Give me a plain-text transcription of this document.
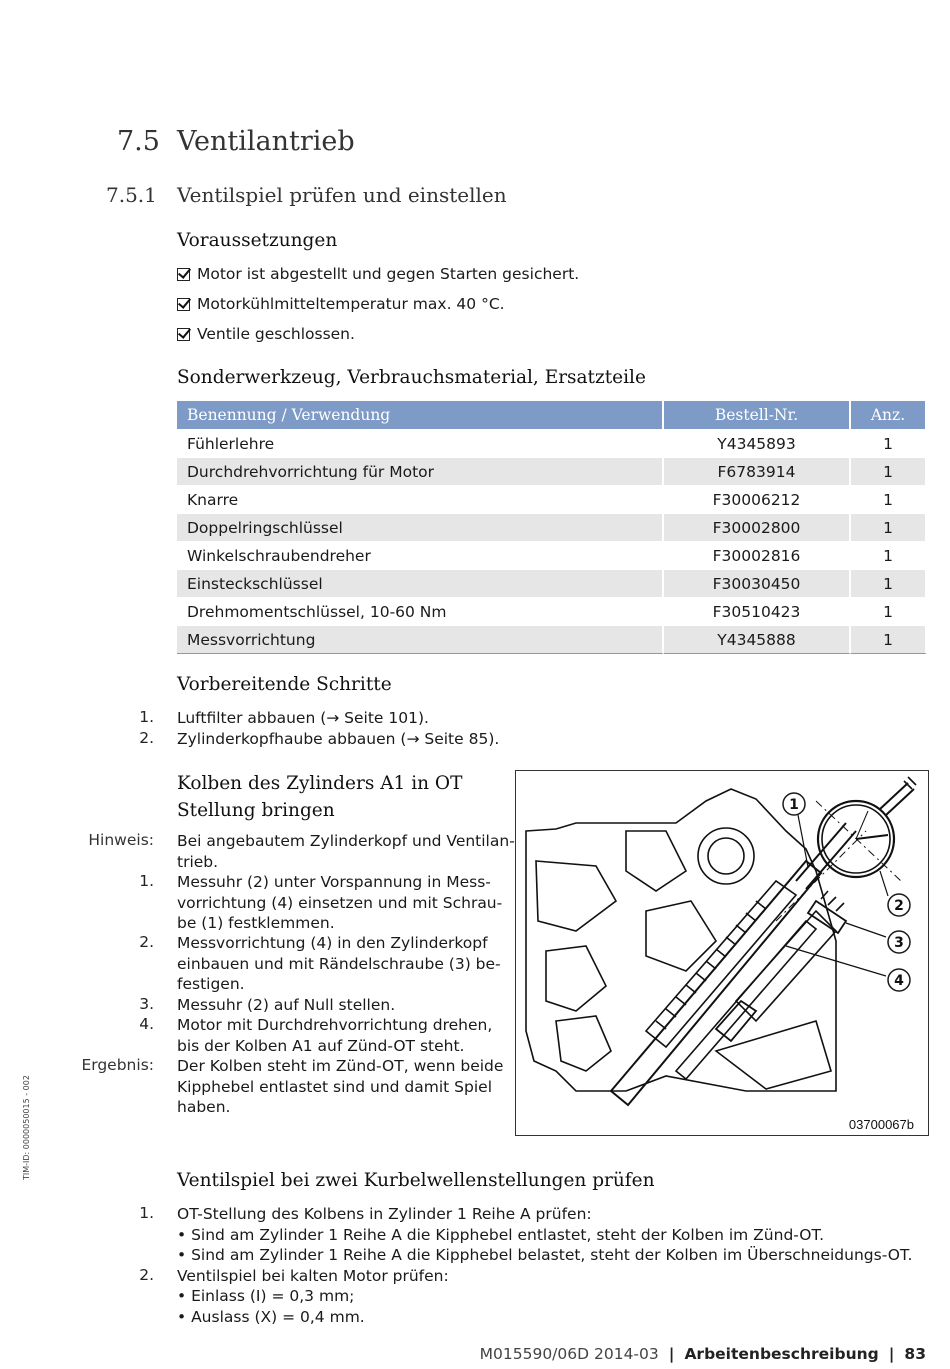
7.5 Ventilantrieb
7.5.1 Ventilspiel prüfen und einstellen
Voraussetzungen
Motor ist abgestellt und gegen Starten gesichert.
Motorkühlmitteltemperatur max. 40 °C.
Ventile geschlossen.
Sonderwerkzeug, Verbrauchsmaterial, Ersatzteile
Benennung / Verwendung	Bestell-Nr.	Anz.
Fühlerlehre	Y4345893	1
Durchdrehvorrichtung für Motor	F6783914	1
Knarre	F30006212	1
Doppelringschlüssel	F30002800	1
Winkelschraubendreher	F30002816	1
Einsteckschlüssel	F30030450	1
Drehmomentschlüssel, 10-60 Nm	F30510423	1
Messvorrichtung	Y4345888	1
Vorbereitende Schritte
1. Luftfilter abbauen (→ Seite 101).
2. Zylinderkopfhaube abbauen (→ Seite 85).
Kolben des Zylinders A1 in OT
Stellung bringen
Hinweis: Bei angebautem Zylinderkopf und Ventilan-
trieb.
1. Messuhr (2) unter Vorspannung in Mess-
vorrichtung (4) einsetzen und mit Schrau-
be (1) festklemmen.
2. Messvorrichtung (4) in den Zylinderkopf
einbauen und mit Rändelschraube (3) be-
festigen.
3. Messuhr (2) auf Null stellen.
4. Motor mit Durchdrehvorrichtung drehen,
bis der Kolben A1 auf Zünd-OT steht.
Ergebnis: Der Kolben steht im Zünd-OT, wenn beide
Kipphebel entlastet sind und damit Spiel
haben.
1
2
3
4
03700067b
TIM-ID: 0000050015 - 002
Ventilspiel bei zwei Kurbelwellenstellungen prüfen
1. OT-Stellung des Kolbens in Zylinder 1 Reihe A prüfen:
• Sind am Zylinder 1 Reihe A die Kipphebel entlastet, steht der Kolben im Zünd-OT.
• Sind am Zylinder 1 Reihe A die Kipphebel belastet, steht der Kolben im Überschneidungs-OT.
2. Ventilspiel bei kalten Motor prüfen:
• Einlass (I) = 0,3 mm;
• Auslass (X) = 0,4 mm.
M015590/06D 2014-03 | Arbeitenbeschreibung | 83
